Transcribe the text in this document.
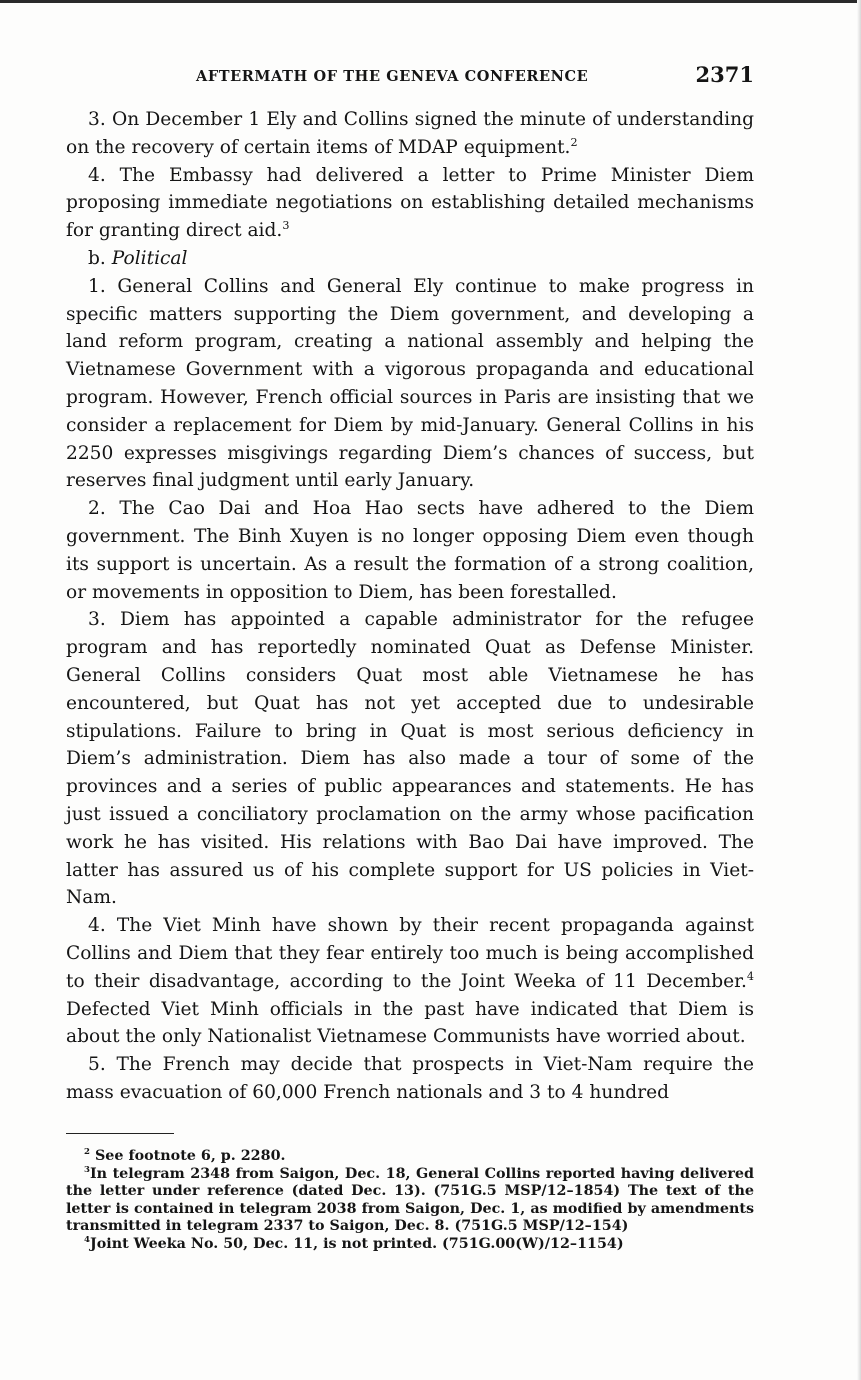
AFTERMATH OF THE GENEVA CONFERENCE	2371

3. On December 1 Ely and Collins signed the minute of understanding on the recovery of certain items of MDAP equipment.$^2$

4. The Embassy had delivered a letter to Prime Minister Diem proposing immediate negotiations on establishing detailed mechanisms for granting direct aid.$^3$

b. Political

1. General Collins and General Ely continue to make progress in specific matters supporting the Diem government, and developing a land reform program, creating a national assembly and helping the Vietnamese Government with a vigorous propaganda and educational program. However, French official sources in Paris are insisting that we consider a replacement for Diem by mid-January. General Collins in his 2250 expresses misgivings regarding Diem’s chances of success, but reserves final judgment until early January.

2. The Cao Dai and Hoa Hao sects have adhered to the Diem government. The Binh Xuyen is no longer opposing Diem even though its support is uncertain. As a result the formation of a strong coalition, or movements in opposition to Diem, has been forestalled.

3. Diem has appointed a capable administrator for the refugee program and has reportedly nominated Quat as Defense Minister. General Collins considers Quat most able Vietnamese he has encountered, but Quat has not yet accepted due to undesirable stipulations. Failure to bring in Quat is most serious deficiency in Diem’s administration. Diem has also made a tour of some of the provinces and a series of public appearances and statements. He has just issued a conciliatory proclamation on the army whose pacification work he has visited. His relations with Bao Dai have improved. The latter has assured us of his complete support for US policies in Viet-Nam.

4. The Viet Minh have shown by their recent propaganda against Collins and Diem that they fear entirely too much is being accomplished to their disadvantage, according to the Joint Weeka of 11 December.$^4$ Defected Viet Minh officials in the past have indicated that Diem is about the only Nationalist Vietnamese Communists have worried about.

5. The French may decide that prospects in Viet-Nam require the mass evacuation of 60,000 French nationals and 3 to 4 hundred

$^2$ See footnote 6, p. 2280.

$^3$In telegram 2348 from Saigon, Dec. 18, General Collins reported having delivered the letter under reference (dated Dec. 13). (751G.5 MSP/12–1854) The text of the letter is contained in telegram 2038 from Saigon, Dec. 1, as modified by amendments transmitted in telegram 2337 to Saigon, Dec. 8. (751G.5 MSP/12–154)

$^4$Joint Weeka No. 50, Dec. 11, is not printed. (751G.00(W)/12–1154)
